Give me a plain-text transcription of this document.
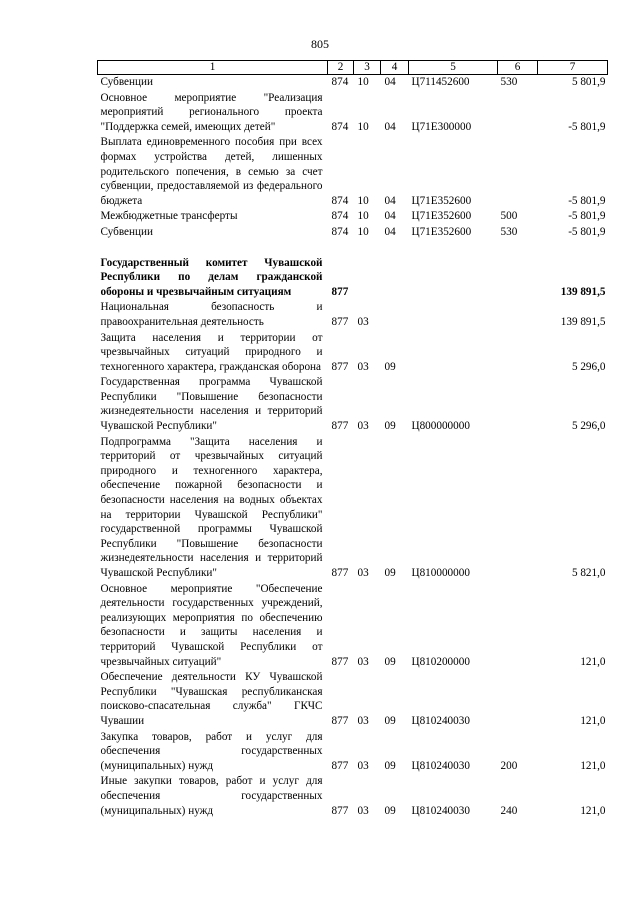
805
1	2	3	4	5	6	7
Субвенции	874	10	04	Ц711452600	530	5 801,9
Основное мероприятие "Реализация мероприятий регионального проекта "Поддержка семей, имеющих детей"	874	10	04	Ц71Е300000		-5 801,9
Выплата единовременного пособия при всех формах устройства детей, лишенных родительского попечения, в семью за счет субвенции, предоставляемой из федерального бюджета	874	10	04	Ц71Е352600		-5 801,9
Межбюджетные трансферты	874	10	04	Ц71Е352600	500	-5 801,9
Субвенции	874	10	04	Ц71Е352600	530	-5 801,9

Государственный комитет Чувашской Республики по делам гражданской обороны и чрезвычайным ситуациям	877					139 891,5
Национальная безопасность и правоохранительная деятельность	877	03				139 891,5
Защита населения и территории от чрезвычайных ситуаций природного и техногенного характера, гражданская оборона	877	03	09			5 296,0
Государственная программа Чувашской Республики "Повышение безопасности жизнедеятельности населения и территорий Чувашской Республики"	877	03	09	Ц800000000		5 296,0
Подпрограмма "Защита населения и территорий от чрезвычайных ситуаций природного и техногенного характера, обеспечение пожарной безопасности и безопасности населения на водных объектах на территории Чувашской Республики" государственной программы Чувашской Республики "Повышение безопасности жизнедеятельности населения и территорий Чувашской Республики"	877	03	09	Ц810000000		5 821,0
Основное мероприятие "Обеспечение деятельности государственных учреждений, реализующих мероприятия по обеспечению безопасности и защиты населения и территорий Чувашской Республики от чрезвычайных ситуаций"	877	03	09	Ц810200000		121,0
Обеспечение деятельности КУ Чувашской Республики "Чувашская республиканская поисково-спасательная служба" ГКЧС Чувашии	877	03	09	Ц810240030		121,0
Закупка товаров, работ и услуг для обеспечения государственных (муниципальных) нужд	877	03	09	Ц810240030	200	121,0
Иные закупки товаров, работ и услуг для обеспечения государственных (муниципальных) нужд	877	03	09	Ц810240030	240	121,0
